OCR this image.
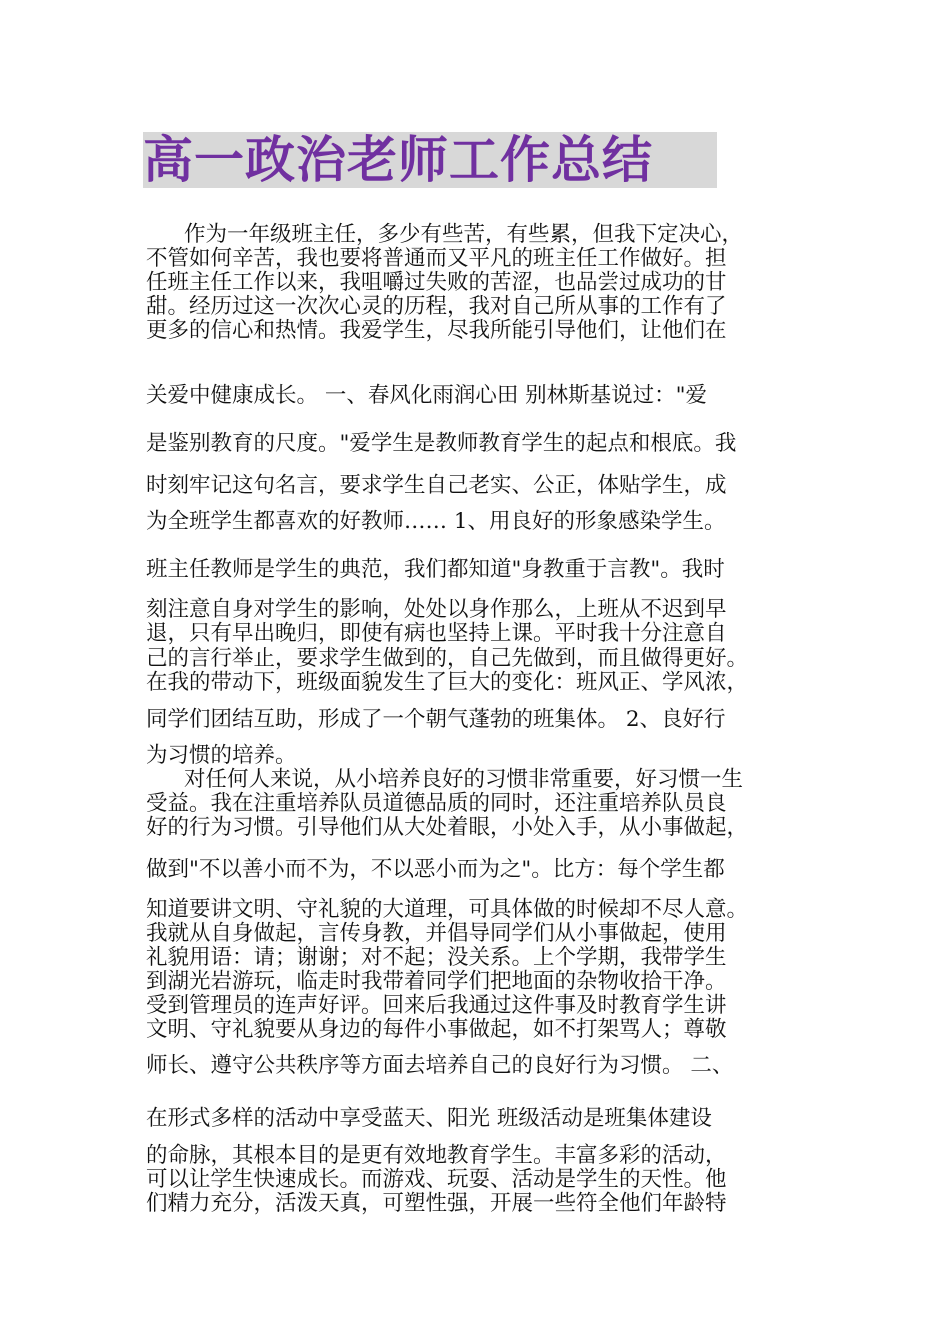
高一政治老师工作总结
作为一年级班主任，多少有些苦，有些累，但我下定决心，
不管如何辛苦，我也要将普通而又平凡的班主任工作做好。担
任班主任工作以来，我咀嚼过失败的苦涩，也品尝过成功的甘
甜。经历过这一次次心灵的历程，我对自己所从事的工作有了
更多的信心和热情。我爱学生，尽我所能引导他们，让他们在
关爱中健康成长。 一、春风化雨润心田 别林斯基说过："爱
是鉴别教育的尺度。"爱学生是教师教育学生的起点和根底。我
时刻牢记这句名言，要求学生自己老实、公正，体贴学生，成
为全班学生都喜欢的好教师…… 1、用良好的形象感染学生。
班主任教师是学生的典范，我们都知道"身教重于言教"。我时
刻注意自身对学生的影响，处处以身作那么，上班从不迟到早
退，只有早出晚归，即使有病也坚持上课。平时我十分注意自
己的言行举止，要求学生做到的，自己先做到，而且做得更好。
在我的带动下，班级面貌发生了巨大的变化：班风正、学风浓，
同学们团结互助，形成了一个朝气蓬勃的班集体。 2、良好行
为习惯的培养。
对任何人来说，从小培养良好的习惯非常重要，好习惯一生
受益。我在注重培养队员道德品质的同时，还注重培养队员良
好的行为习惯。引导他们从大处着眼，小处入手，从小事做起，
做到"不以善小而不为，不以恶小而为之"。比方：每个学生都
知道要讲文明、守礼貌的大道理，可具体做的时候却不尽人意。
我就从自身做起，言传身教，并倡导同学们从小事做起，使用
礼貌用语：请；谢谢；对不起；没关系。上个学期，我带学生
到湖光岩游玩，临走时我带着同学们把地面的杂物收拾干净。
受到管理员的连声好评。回来后我通过这件事及时教育学生讲
文明、守礼貌要从身边的每件小事做起，如不打架骂人；尊敬
师长、遵守公共秩序等方面去培养自己的良好行为习惯。 二、
在形式多样的活动中享受蓝天、阳光 班级活动是班集体建设
的命脉，其根本目的是更有效地教育学生。丰富多彩的活动，
可以让学生快速成长。而游戏、玩耍、活动是学生的天性。他
们精力充分，活泼天真，可塑性强，开展一些符全他们年龄特
